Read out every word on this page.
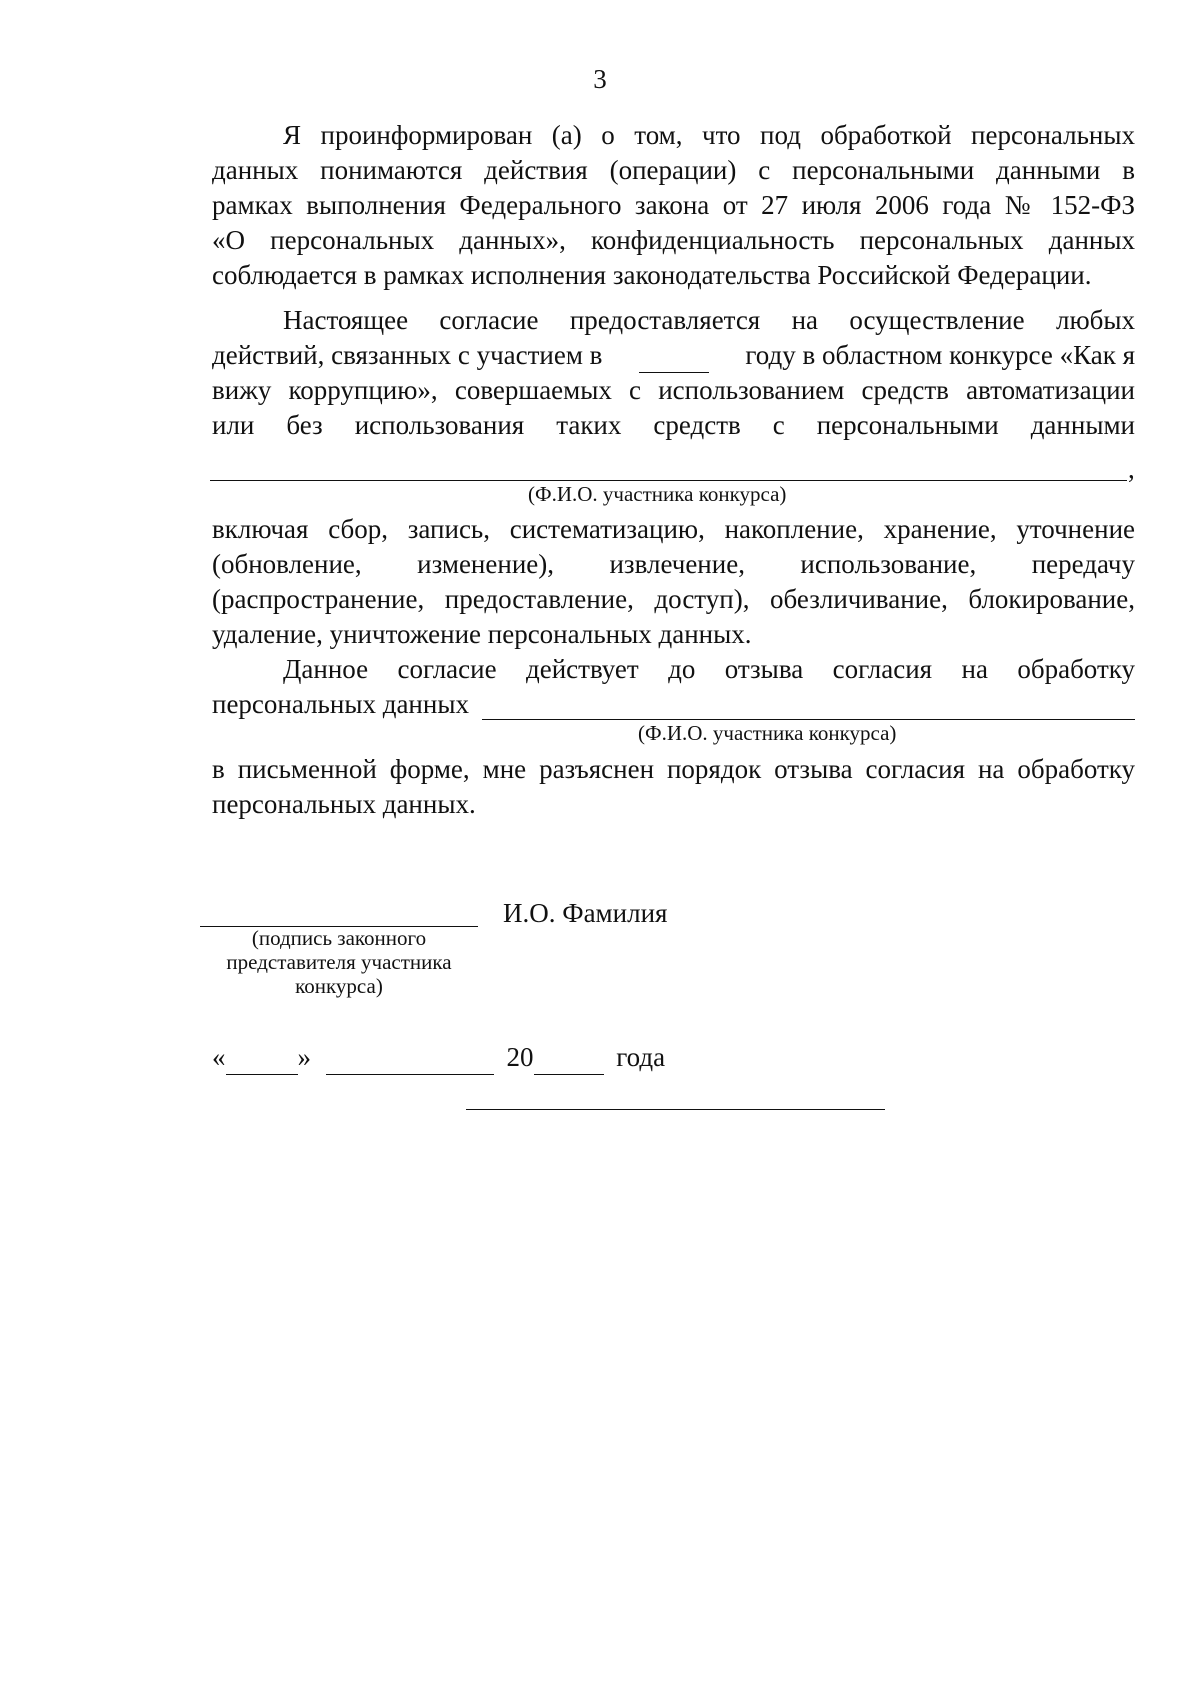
3
Я проинформирован (а) о том, что под обработкой персональных
данных понимаются действия (операции) с персональными данными в
рамках выполнения Федерального закона от 27 июля 2006 года № 152-ФЗ
«О персональных данных», конфиденциальность персональных данных
соблюдается в рамках исполнения законодательства Российской Федерации.
Настоящее согласие предоставляется на осуществление любых
действий, связанных с участием в
	году в областном конкурсе «Как я
вижу коррупцию», совершаемых с использованием средств автоматизации
или без использования таких средств с персональными данными
,
(Ф.И.О. участника конкурса)
включая сбор, запись, систематизацию, накопление, хранение, уточнение
(обновление, изменение), извлечение, использование, передачу
(распространение, предоставление, доступ), обезличивание, блокирование,
удаление, уничтожение персональных данных.
Данное согласие действует до отзыва согласия на обработку
персональных данных
(Ф.И.О. участника конкурса)
в письменной форме, мне разъяснен порядок отзыва согласия на обработку
персональных данных.
И.О. Фамилия
(подпись законного
представителя участника
конкурса)
«	»	20	года
